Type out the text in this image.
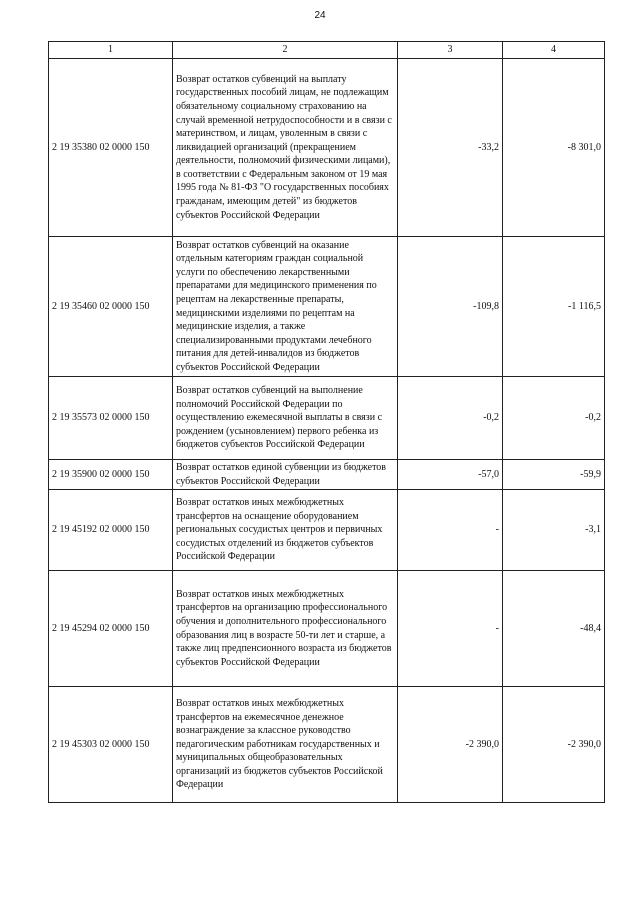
24
1	2	3	4
2 19 35380 02 0000 150	Возврат остатков субвенций на выплату государственных пособий лицам, не подлежащим обязательному социальному страхованию на случай временной нетрудоспособности и в связи с материнством, и лицам, уволенным в связи с ликвидацией организаций (прекращением деятельности, полномочий физическими лицами), в соответствии с Федеральным законом от 19 мая 1995 года № 81-ФЗ "О государственных пособиях гражданам, имеющим детей" из бюджетов субъектов Российской Федерации	-33,2	-8 301,0
2 19 35460 02 0000 150	Возврат остатков субвенций на оказание отдельным категориям граждан социальной услуги по обеспечению лекарственными препаратами для медицинского применения по рецептам на лекарственные препараты, медицинскими изделиями по рецептам на медицинские изделия, а также специализированными продуктами лечебного питания для детей-инвалидов из бюджетов субъектов Российской Федерации	-109,8	-1 116,5
2 19 35573 02 0000 150	Возврат остатков субвенций на выполнение полномочий Российской Федерации по осуществлению ежемесячной выплаты в связи с рождением (усыновлением) первого ребенка из бюджетов субъектов Российской Федерации	-0,2	-0,2
2 19 35900 02 0000 150	Возврат остатков единой субвенции из бюджетов субъектов Российской Федерации	-57,0	-59,9
2 19 45192 02 0000 150	Возврат остатков иных межбюджетных трансфертов на оснащение оборудованием региональных сосудистых центров и первичных сосудистых отделений из бюджетов субъектов Российской Федерации	-	-3,1
2 19 45294 02 0000 150	Возврат остатков иных межбюджетных трансфертов на организацию профессионального обучения и дополнительного профессионального образования лиц в возрасте 50-ти лет и старше, а также лиц предпенсионного возраста из бюджетов субъектов Российской Федерации	-	-48,4
2 19 45303 02 0000 150	Возврат остатков иных межбюджетных трансфертов на ежемесячное денежное вознаграждение за классное руководство педагогическим работникам государственных и муниципальных общеобразовательных организаций из бюджетов субъектов Российской Федерации	-2 390,0	-2 390,0
